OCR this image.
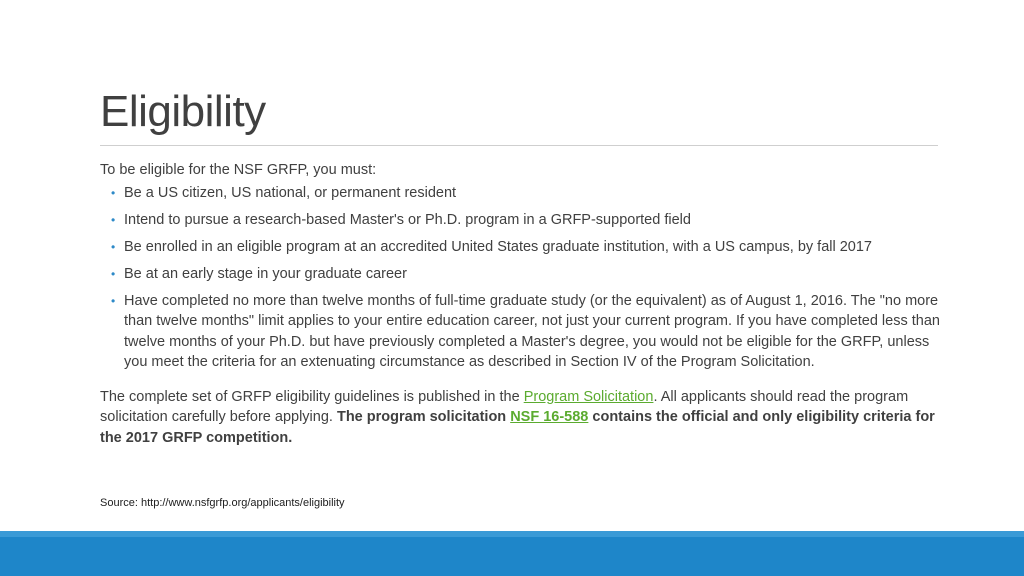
Eligibility

To be eligible for the NSF GRFP, you must:

• Be a US citizen, US national, or permanent resident
• Intend to pursue a research-based Master's or Ph.D. program in a GRFP-supported field
• Be enrolled in an eligible program at an accredited United States graduate institution, with a US campus, by fall 2017
• Be at an early stage in your graduate career
• Have completed no more than twelve months of full-time graduate study (or the equivalent) as of August 1, 2016. The "no more than twelve months" limit applies to your entire education career, not just your current program. If you have completed less than twelve months of your Ph.D. but have previously completed a Master's degree, you would not be eligible for the GRFP, unless you meet the criteria for an extenuating circumstance as described in Section IV of the Program Solicitation.

The complete set of GRFP eligibility guidelines is published in the Program Solicitation. All applicants should read the program solicitation carefully before applying. The program solicitation NSF 16-588 contains the official and only eligibility criteria for the 2017 GRFP competition.

Source: http://www.nsfgrfp.org/applicants/eligibility
